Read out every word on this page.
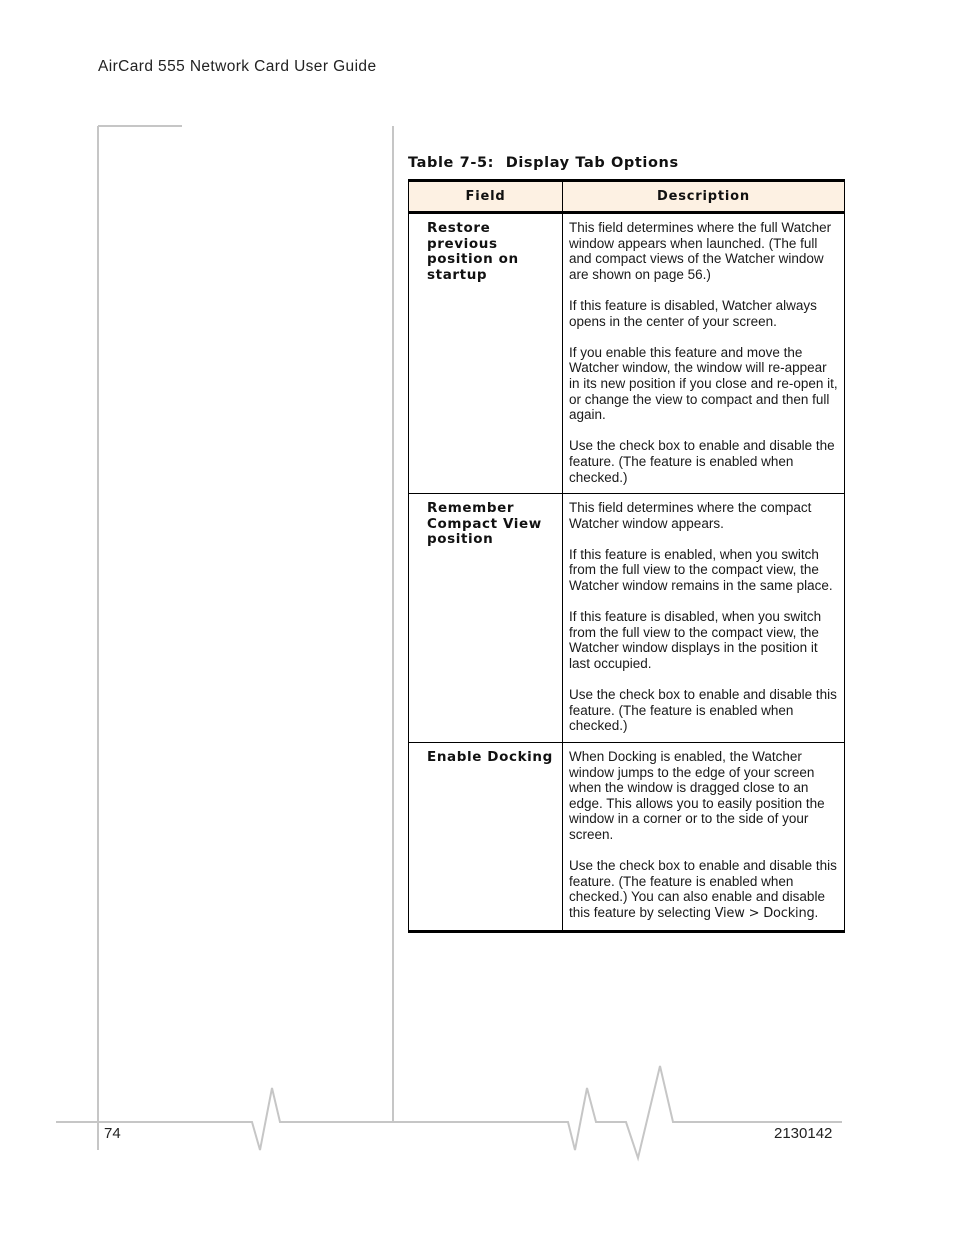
AirCard 555 Network Card User Guide
Table 7-5: Display Tab Options
Field	Description
Restore previous position on startup	This field determines where the full Watcher window appears when launched. (The full and compact views of the Watcher window are shown on page 56.)

If this feature is disabled, Watcher always opens in the center of your screen.

If you enable this feature and move the Watcher window, the window will re-appear in its new position if you close and re-open it, or change the view to compact and then full again.

Use the check box to enable and disable the feature. (The feature is enabled when checked.)

Remember Compact View position	This field determines where the compact Watcher window appears.

If this feature is enabled, when you switch from the full view to the compact view, the Watcher window remains in the same place.

If this feature is disabled, when you switch from the full view to the compact view, the Watcher window displays in the position it last occupied.

Use the check box to enable and disable this feature. (The feature is enabled when checked.)

Enable Docking	When Docking is enabled, the Watcher window jumps to the edge of your screen when the window is dragged close to an edge. This allows you to easily position the window in a corner or to the side of your screen.

Use the check box to enable and disable this feature. (The feature is enabled when checked.) You can also enable and disable this feature by selecting View > Docking.

74	2130142
